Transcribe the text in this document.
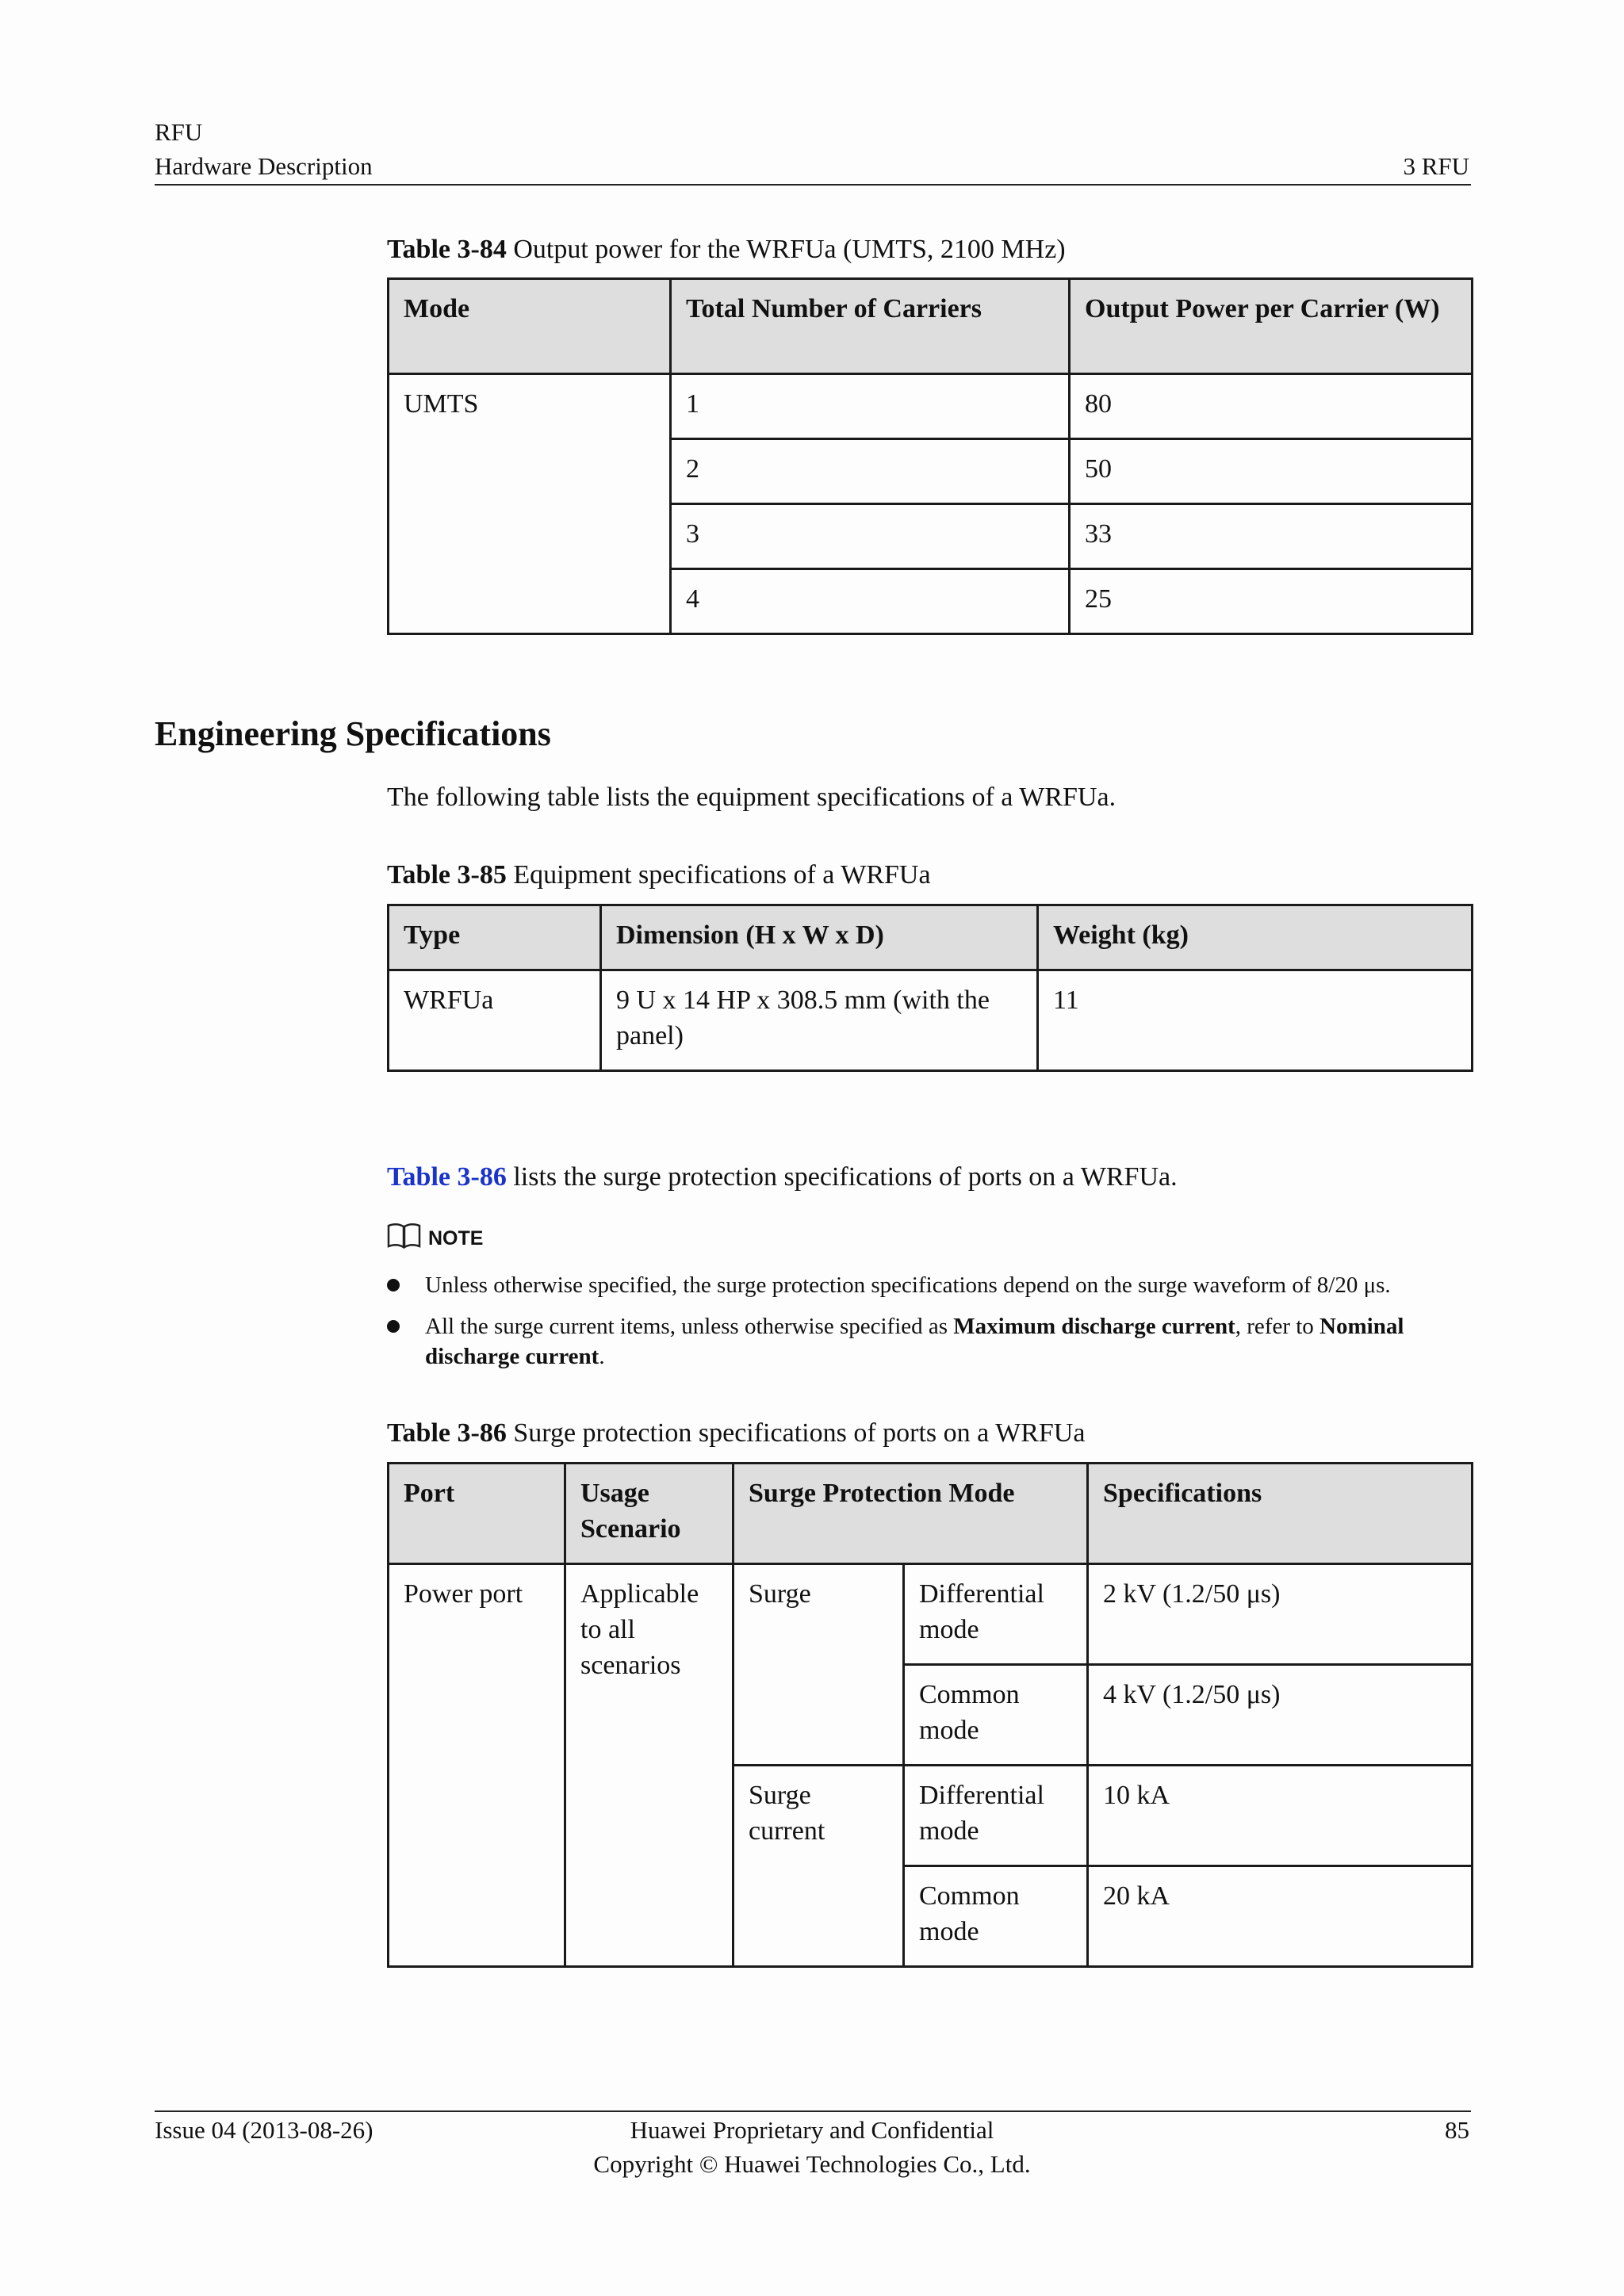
RFU
Hardware Description	3 RFU
Table 3-84 Output power for the WRFUa (UMTS, 2100 MHz)
Mode	Total Number of Carriers	Output Power per Carrier (W)
UMTS	1	80
	2	50
	3	33
	4	25
Engineering Specifications
The following table lists the equipment specifications of a WRFUa.
Table 3-85 Equipment specifications of a WRFUa
Type	Dimension (H x W x D)	Weight (kg)
WRFUa	9 U x 14 HP x 308.5 mm (with the panel)	11
Table 3-86 lists the surge protection specifications of ports on a WRFUa.
NOTE
Unless otherwise specified, the surge protection specifications depend on the surge waveform of 8/20 μs.
All the surge current items, unless otherwise specified as Maximum discharge current, refer to Nominal discharge current.
Table 3-86 Surge protection specifications of ports on a WRFUa
Port	Usage Scenario	Surge Protection Mode		Specifications
Power port	Applicable to all scenarios	Surge	Differential mode	2 kV (1.2/50 μs)
			Common mode	4 kV (1.2/50 μs)
		Surge current	Differential mode	10 kA
			Common mode	20 kA
Issue 04 (2013-08-26)	Huawei Proprietary and Confidential
Copyright © Huawei Technologies Co., Ltd.
85
